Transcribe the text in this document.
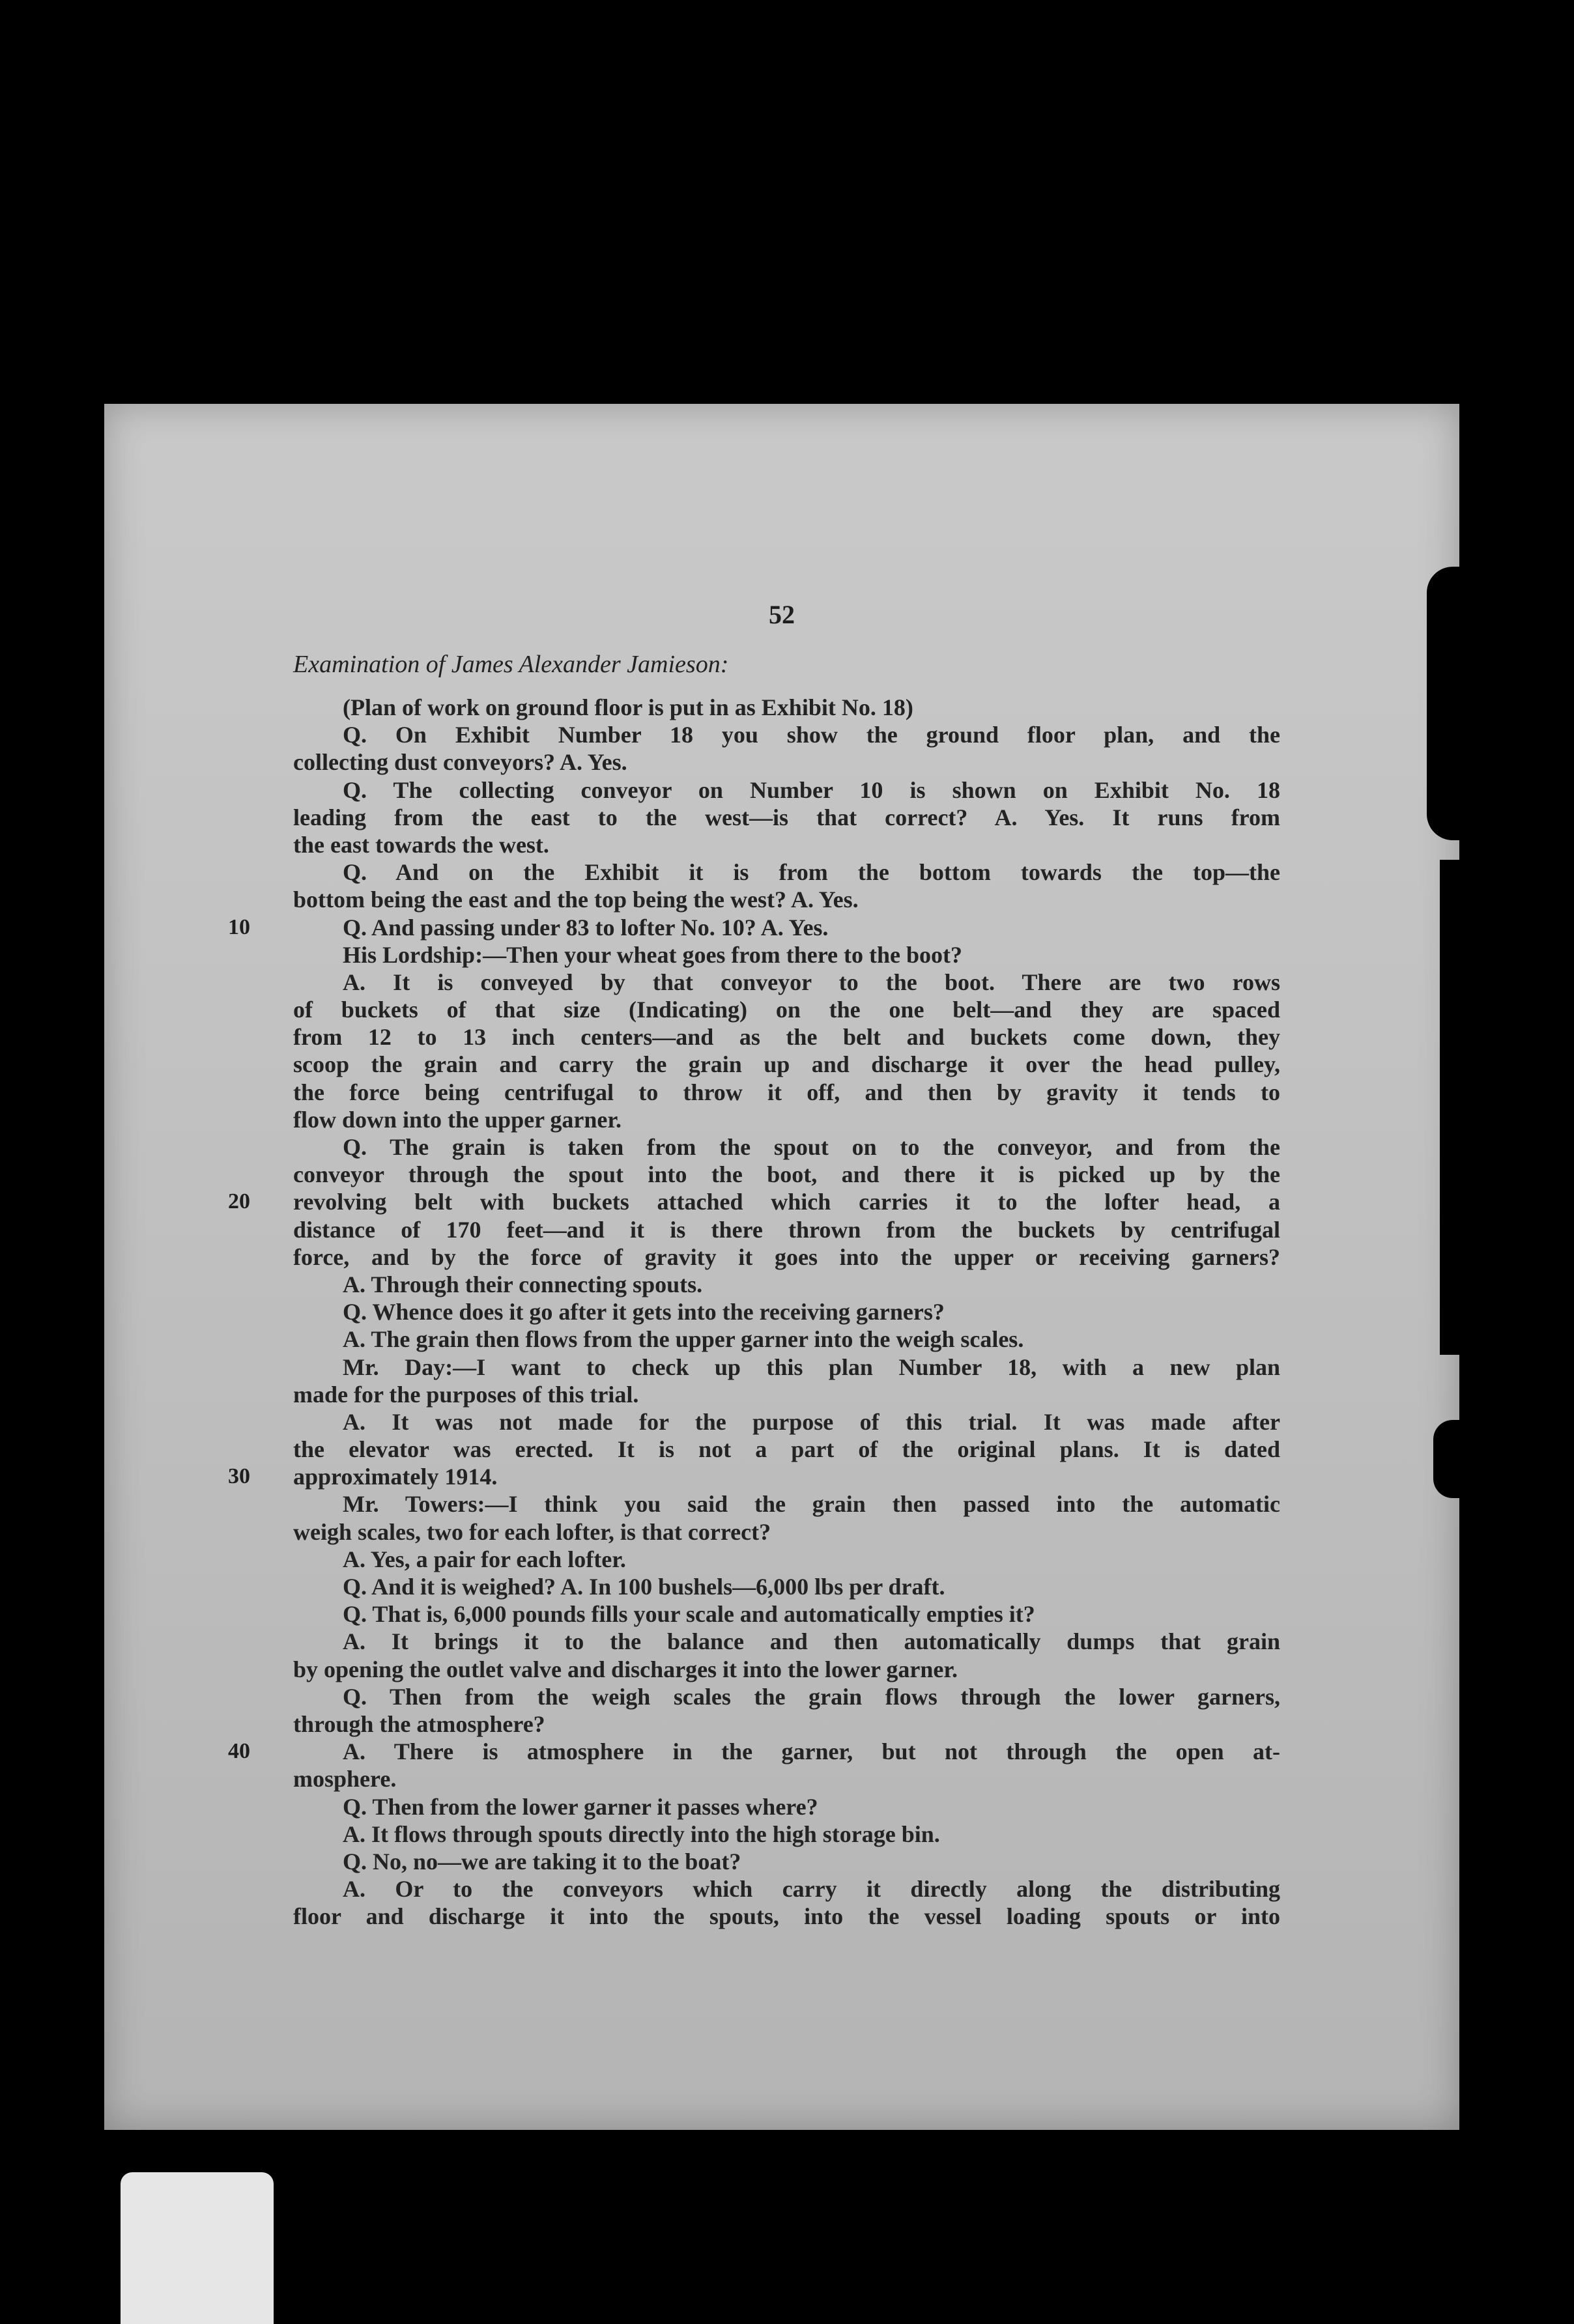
52
Examination of James Alexander Jamieson:
(Plan of work on ground floor is put in as Exhibit No. 18)
Q. On Exhibit Number 18 you show the ground floor plan, and the
collecting dust conveyors? A. Yes.
Q. The collecting conveyor on Number 10 is shown on Exhibit No. 18
leading from the east to the west—is that correct? A. Yes. It runs from
the east towards the west.
Q. And on the Exhibit it is from the bottom towards the top—the
bottom being the east and the top being the west? A. Yes.
Q. And passing under 83 to lofter No. 10? A. Yes.
10
His Lordship:—Then your wheat goes from there to the boot?
A. It is conveyed by that conveyor to the boot. There are two rows
of buckets of that size (Indicating) on the one belt—and they are spaced
from 12 to 13 inch centers—and as the belt and buckets come down, they
scoop the grain and carry the grain up and discharge it over the head pulley,
the force being centrifugal to throw it off, and then by gravity it tends to
flow down into the upper garner.
Q. The grain is taken from the spout on to the conveyor, and from the
conveyor through the spout into the boot, and there it is picked up by the
revolving belt with buckets attached which carries it to the lofter head, a
20
distance of 170 feet—and it is there thrown from the buckets by centrifugal
force, and by the force of gravity it goes into the upper or receiving garners?
A. Through their connecting spouts.
Q. Whence does it go after it gets into the receiving garners?
A. The grain then flows from the upper garner into the weigh scales.
Mr. Day:—I want to check up this plan Number 18, with a new plan
made for the purposes of this trial.
A. It was not made for the purpose of this trial. It was made after
the elevator was erected. It is not a part of the original plans. It is dated
approximately 1914.
30
Mr. Towers:—I think you said the grain then passed into the automatic
weigh scales, two for each lofter, is that correct?
A. Yes, a pair for each lofter.
Q. And it is weighed? A. In 100 bushels—6,000 lbs per draft.
Q. That is, 6,000 pounds fills your scale and automatically empties it?
A. It brings it to the balance and then automatically dumps that grain
by opening the outlet valve and discharges it into the lower garner.
Q. Then from the weigh scales the grain flows through the lower garners,
through the atmosphere?
A. There is atmosphere in the garner, but not through the open at-
40
mosphere.
Q. Then from the lower garner it passes where?
A. It flows through spouts directly into the high storage bin.
Q. No, no—we are taking it to the boat?
A. Or to the conveyors which carry it directly along the distributing
floor and discharge it into the spouts, into the vessel loading spouts or into
